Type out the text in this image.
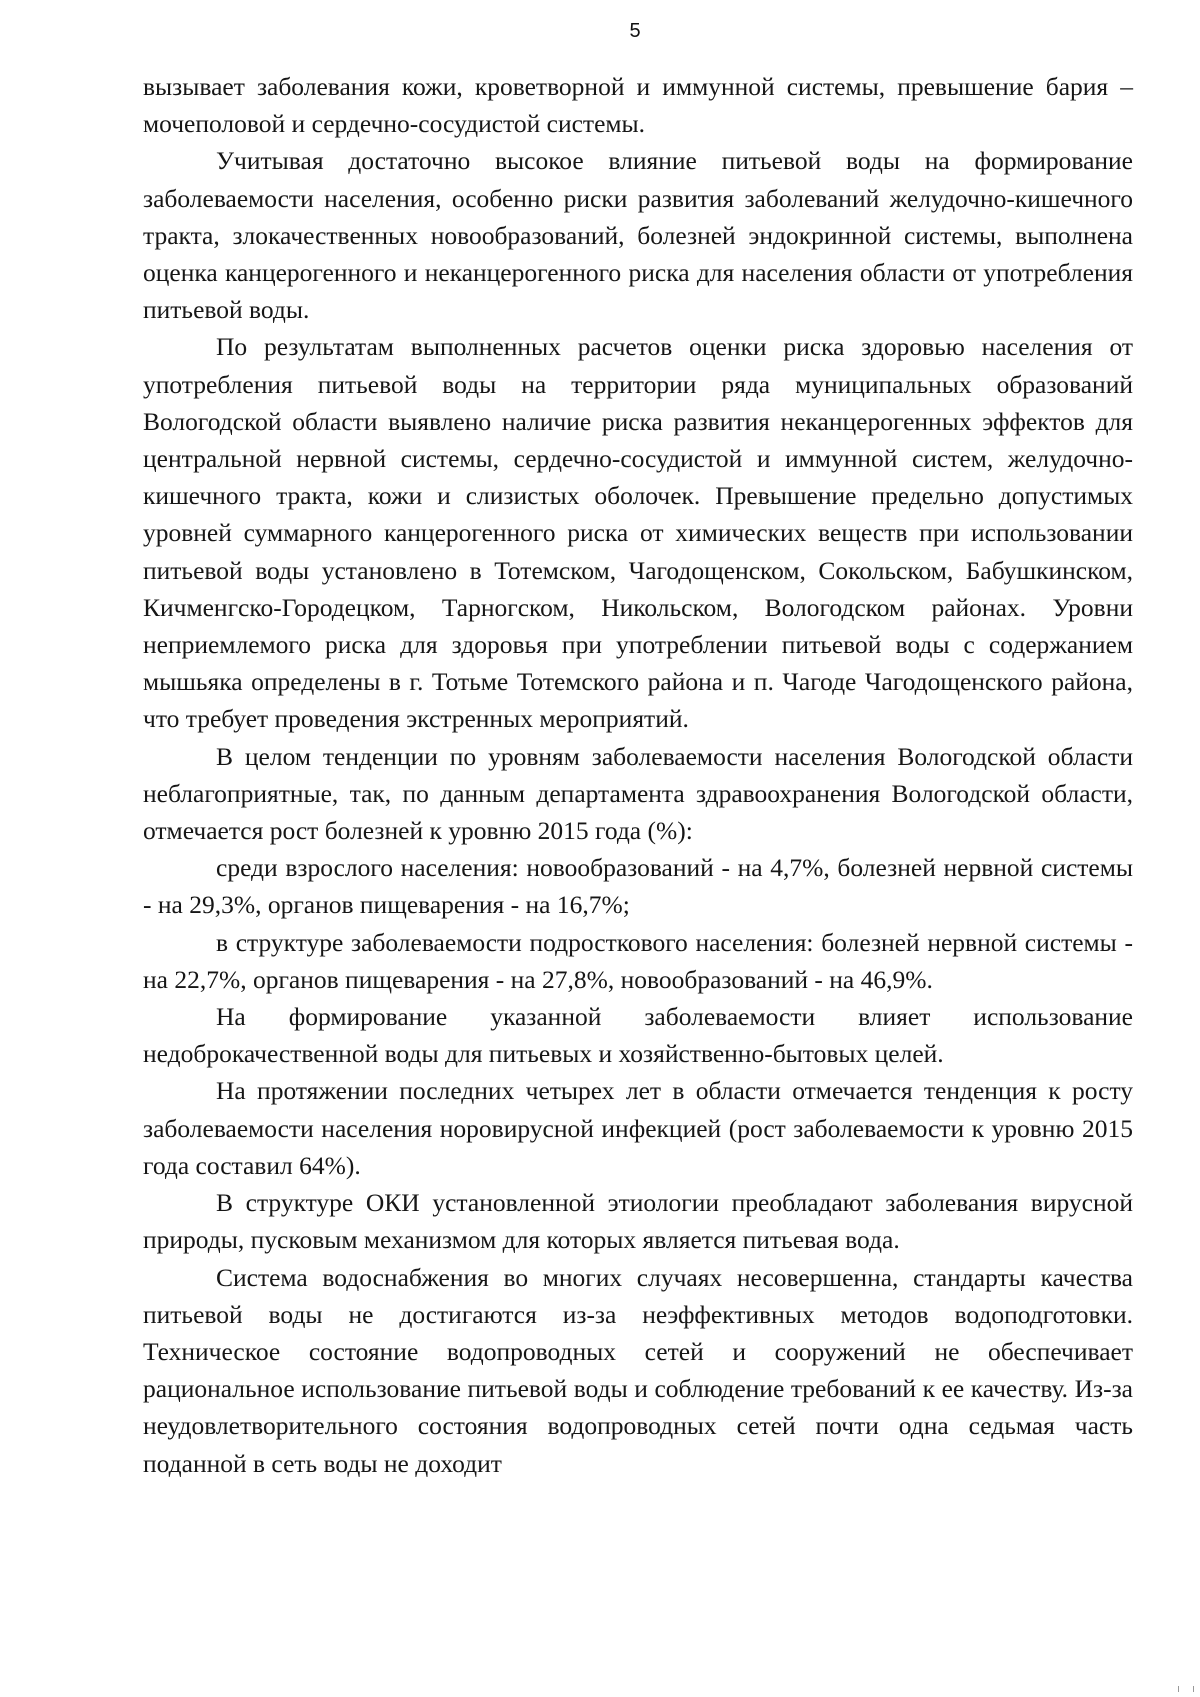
5

вызывает заболевания кожи, кроветворной и иммунной системы, превышение бария – мочеполовой и сердечно-сосудистой системы.

Учитывая достаточно высокое влияние питьевой воды на формирование заболеваемости населения, особенно риски развития заболеваний желудочно-кишечного тракта, злокачественных новообразований, болезней эндокринной системы, выполнена оценка канцерогенного и неканцерогенного риска для населения области от употребления питьевой воды.

По результатам выполненных расчетов оценки риска здоровью населения от употребления питьевой воды на территории ряда муниципальных образований Вологодской области выявлено наличие риска развития неканцерогенных эффектов для центральной нервной системы, сердечно-сосудистой и иммунной систем, желудочно-кишечного тракта, кожи и слизистых оболочек. Превышение предельно допустимых уровней суммарного канцерогенного риска от химических веществ при использовании питьевой воды установлено в Тотемском, Чагодощенском, Сокольском, Бабушкинском, Кичменгско-Городецком, Тарногском, Никольском, Вологодском районах. Уровни неприемлемого риска для здоровья при употреблении питьевой воды с содержанием мышьяка определены в г. Тотьме Тотемского района и п. Чагоде Чагодощенского района, что требует проведения экстренных мероприятий.

В целом тенденции по уровням заболеваемости населения Вологодской области неблагоприятные, так, по данным департамента здравоохранения Вологодской области, отмечается рост болезней к уровню 2015 года (%):

среди взрослого населения: новообразований - на 4,7%, болезней нервной системы - на 29,3%, органов пищеварения - на 16,7%;

в структуре заболеваемости подросткового населения: болезней нервной системы - на 22,7%, органов пищеварения - на 27,8%, новообразований - на 46,9%.

На формирование указанной заболеваемости влияет использование недоброкачественной воды для питьевых и хозяйственно-бытовых целей.

На протяжении последних четырех лет в области отмечается тенденция к росту заболеваемости населения норовирусной инфекцией (рост заболеваемости к уровню 2015 года составил 64%).

В структуре ОКИ установленной этиологии преобладают заболевания вирусной природы, пусковым механизмом для которых является питьевая вода.

Система водоснабжения во многих случаях несовершенна, стандарты качества питьевой воды не достигаются из-за неэффективных методов водоподготовки. Техническое состояние водопроводных сетей и сооружений не обеспечивает рациональное использование питьевой воды и соблюдение требований к ее качеству. Из-за неудовлетворительного состояния водопроводных сетей почти одна седьмая часть поданной в сеть воды не доходит
